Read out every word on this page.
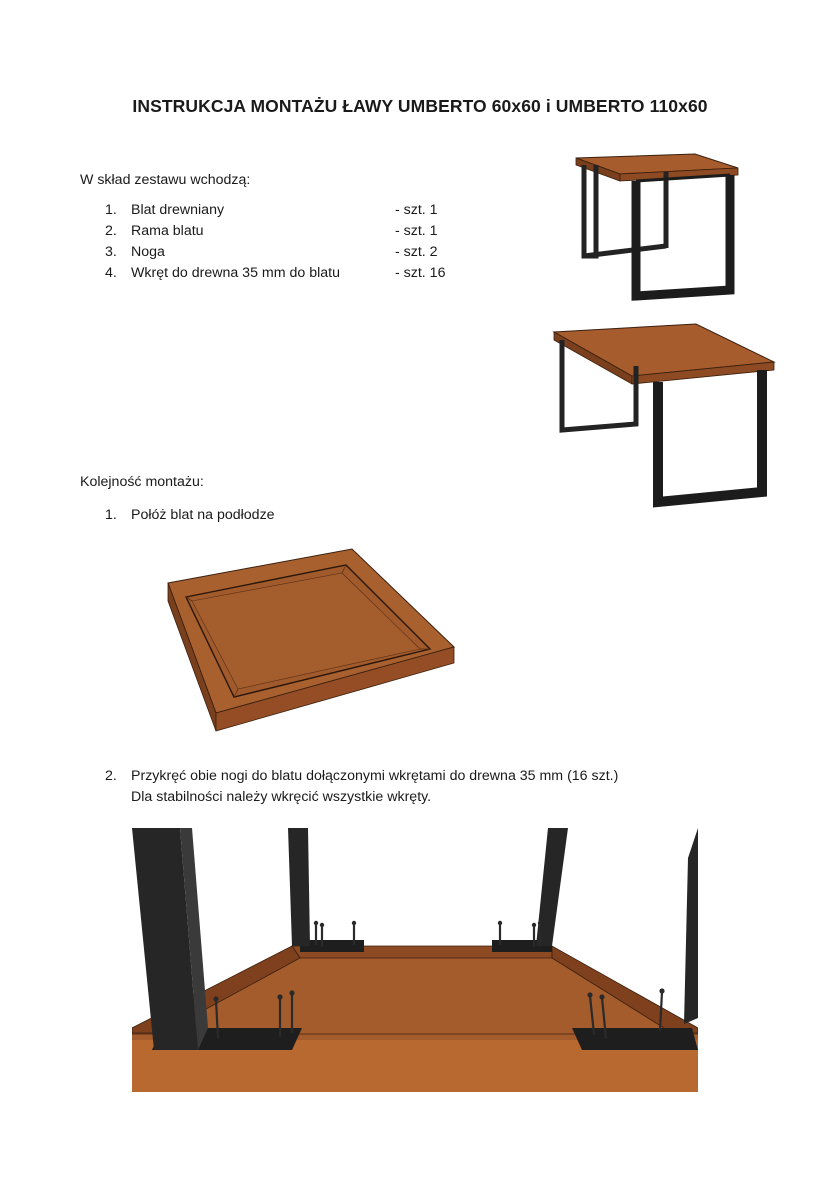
INSTRUKCJA MONTAŻU ŁAWY UMBERTO 60x60 i UMBERTO 110x60
W skład zestawu wchodzą:
1. Blat drewniany	- szt. 1
2. Rama blatu	- szt. 1
3. Noga	- szt. 2
4. Wkręt do drewna 35 mm do blatu	- szt. 16
Kolejność montażu:
1. Połóż blat na podłodze
2. Przykręć obie nogi do blatu dołączonymi wkrętami do drewna 35 mm (16 szt.)
Dla stabilności należy wkręcić wszystkie wkręty.
